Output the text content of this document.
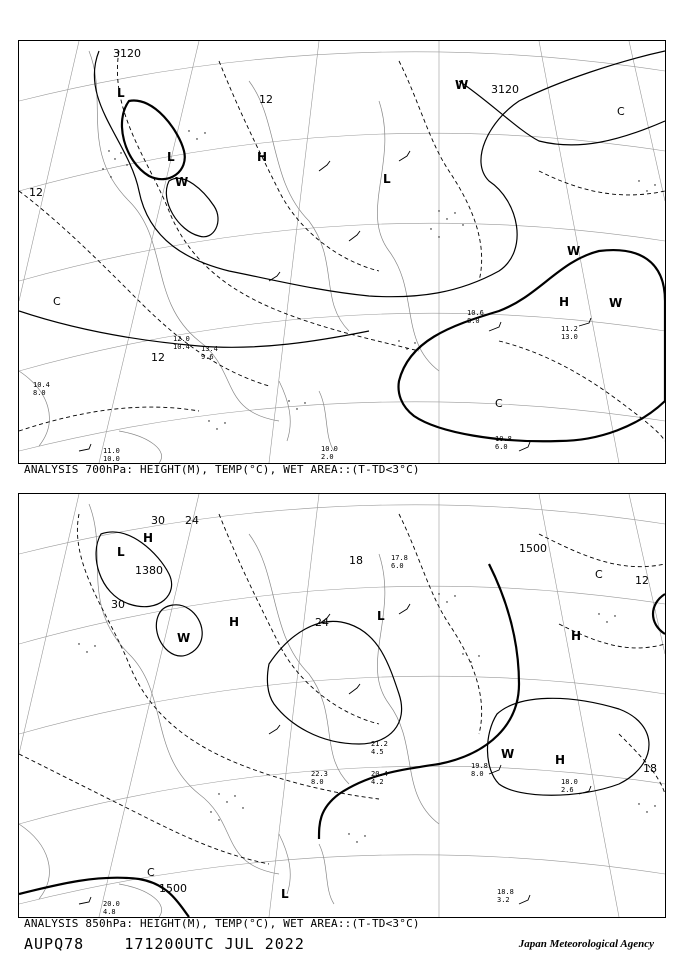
L
L
L
H
H
W
W
W
W
3120
3120
12
12
12
C
C
C
10.6
8.0
11.2
13.0
10.8
6.0
10.0
2.0
11.0
10.0
10.4
8.0
12.0
10.4 13.4
9.6
ANALYSIS 700hPa: HEIGHT(M), TEMP(°C), WET AREA::(T-TD<3°C)
L
L
L
H
H
H
H
W
W
1380
1500
1500
30
30
24
24
18
18
12
C
C
18.0
2.6
19.8
8.0
20.4
4.2
18.8
3.2
20.0
4.8
22.3
8.0
17.8
6.0
21.2
4.5
ANALYSIS 850hPa: HEIGHT(M), TEMP(°C), WET AREA::(T-TD<3°C)
AUPQ78	171200UTC JUL 2022	Japan Meteorological Agency
